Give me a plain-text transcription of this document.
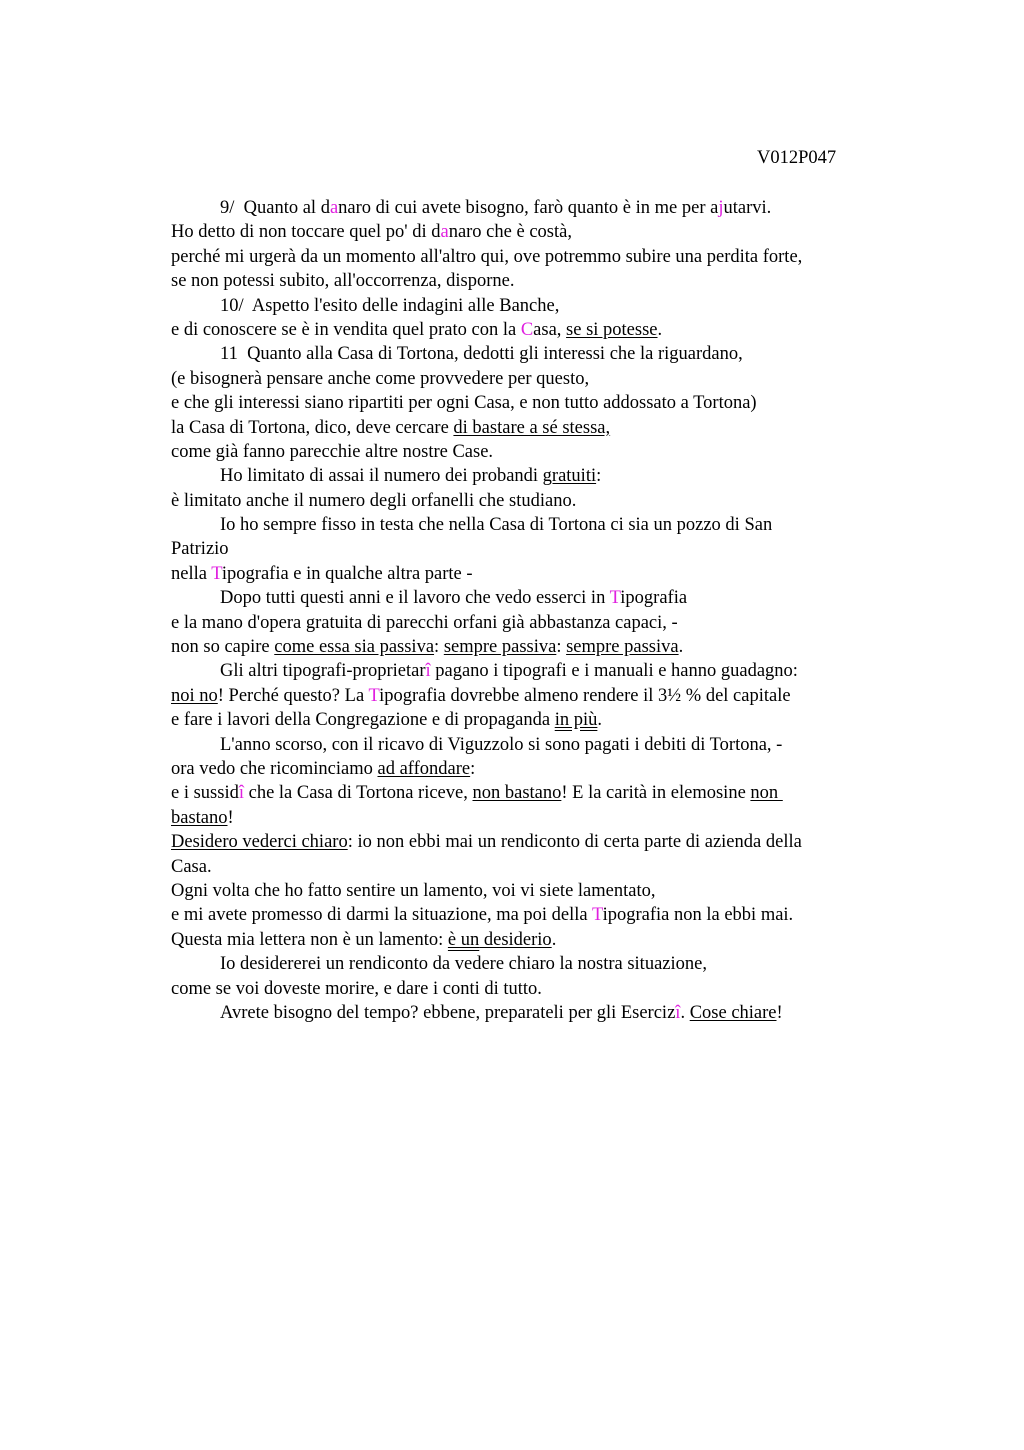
V012P047
9/  Quanto al danaro di cui avete bisogno, farò quanto è in me per ajutarvi.
Ho detto di non toccare quel po' di danaro che è costà,
perché mi urgerà da un momento all'altro qui, ove potremmo subire una perdita forte,
se non potessi subito, all'occorrenza, disporne.
10/  Aspetto l'esito delle indagini alle Banche,
e di conoscere se è in vendita quel prato con la Casa, se si potesse.
11  Quanto alla Casa di Tortona, dedotti gli interessi che la riguardano,
(e bisognerà pensare anche come provvedere per questo,
e che gli interessi siano ripartiti per ogni Casa, e non tutto addossato a Tortona)
la Casa di Tortona, dico, deve cercare di bastare a sé stessa,
come già fanno parecchie altre nostre Case.
Ho limitato di assai il numero dei probandi gratuiti:
è limitato anche il numero degli orfanelli che studiano.
Io ho sempre fisso in testa che nella Casa di Tortona ci sia un pozzo di San
Patrizio
nella Tipografia e in qualche altra parte -
Dopo tutti questi anni e il lavoro che vedo esserci in Tipografia
e la mano d'opera gratuita di parecchi orfani già abbastanza capaci, -
non so capire come essa sia passiva: sempre passiva: sempre passiva.
Gli altri tipografi-proprietarî pagano i tipografi e i manuali e hanno guadagno:
noi no! Perché questo? La Tipografia dovrebbe almeno rendere il 3½ % del capitale
e fare i lavori della Congregazione e di propaganda in più.
L'anno scorso, con il ricavo di Viguzzolo si sono pagati i debiti di Tortona, -
ora vedo che ricominciamo ad affondare:
e i sussidî che la Casa di Tortona riceve, non bastano! E la carità in elemosine non
bastano!
Desidero vederci chiaro: io non ebbi mai un rendiconto di certa parte di azienda della
Casa.
Ogni volta che ho fatto sentire un lamento, voi vi siete lamentato,
e mi avete promesso di darmi la situazione, ma poi della Tipografia non la ebbi mai.
Questa mia lettera non è un lamento: è un desiderio.
Io desidererei un rendiconto da vedere chiaro la nostra situazione,
come se voi doveste morire, e dare i conti di tutto.
Avrete bisogno del tempo? ebbene, preparateli per gli Esercizî. Cose chiare!
